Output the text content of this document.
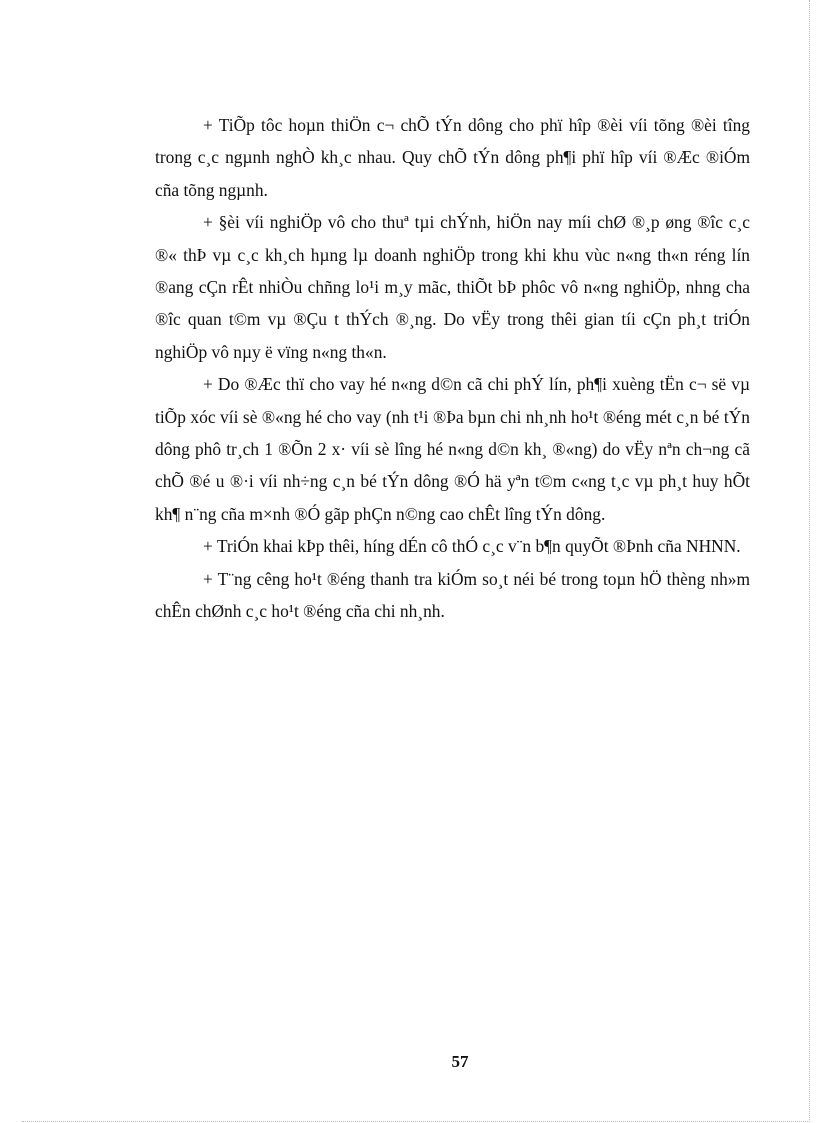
+ TiÕp tôc hoµn thiÖn c¬ chÕ tÝn dông cho phï hîp ®èi víi tõng ®èi tîng trong c¸c ngµnh nghÒ kh¸c nhau. Quy chÕ tÝn dông ph¶i phï hîp víi ®Æc ®iÓm cña tõng ngµnh.

+ §èi víi nghiÖp vô cho thuª tµi chÝnh, hiÖn nay míi chØ ®¸p øng ®îc c¸c ®« thÞ vµ c¸c kh¸ch hµng lµ doanh nghiÖp trong khi khu vùc n«ng th«n réng lín ®ang cÇn rÊt nhiÒu chñng lo¹i m¸y mãc, thiÕt bÞ phôc vô n«ng nghiÖp, nhng cha ®îc quan t©m vµ ®Çu t thÝch ®¸ng. Do vËy trong thêi gian tíi cÇn ph¸t triÓn nghiÖp vô nµy ë vïng n«ng th«n.

+ Do ®Æc thï cho vay hé n«ng d©n cã chi phÝ lín, ph¶i xuèng tËn c¬ së vµ tiÕp xóc víi sè ®«ng hé cho vay (nh t¹i ®Þa bµn chi nh¸nh ho¹t ®éng mét c¸n bé tÝn dông phô tr¸ch 1 ®Õn 2 x· víi sè lîng hé n«ng d©n kh¸ ®«ng) do vËy nªn ch¬ng cã chÕ ®é u ®·i víi nh÷ng c¸n bé tÝn dông ®Ó hä yªn t©m c«ng t¸c vµ ph¸t huy hÕt kh¶ n¨ng cña m×nh ®Ó gãp phÇn n©ng cao chÊt lîng tÝn dông.

+ TriÓn khai kÞp thêi, híng dÉn cô thÓ c¸c v¨n b¶n quyÕt ®Þnh cña NHNN.

+ T¨ng cêng ho¹t ®éng thanh tra kiÓm so¸t néi bé trong toµn hÖ thèng nh»m chÊn chØnh c¸c ho¹t ®éng cña chi nh¸nh.

57
